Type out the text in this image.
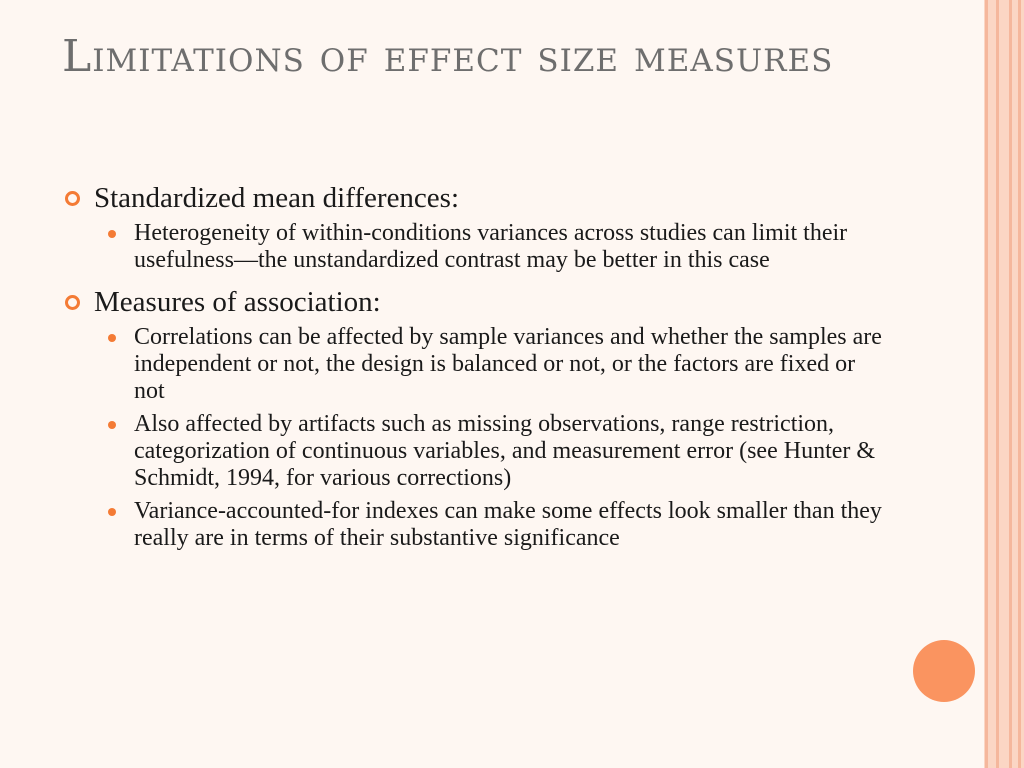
Limitations of effect size measures
Standardized mean differences:
Heterogeneity of within-conditions variances across studies can limit their usefulness—the unstandardized contrast may be better in this case
Measures of association:
Correlations can be affected by sample variances and whether the samples are independent or not, the design is balanced or not, or the factors are fixed or not
Also affected by artifacts such as missing observations, range restriction, categorization of continuous variables, and measurement error (see Hunter & Schmidt, 1994, for various corrections)
Variance-accounted-for indexes can make some effects look smaller than they really are in terms of their substantive significance
